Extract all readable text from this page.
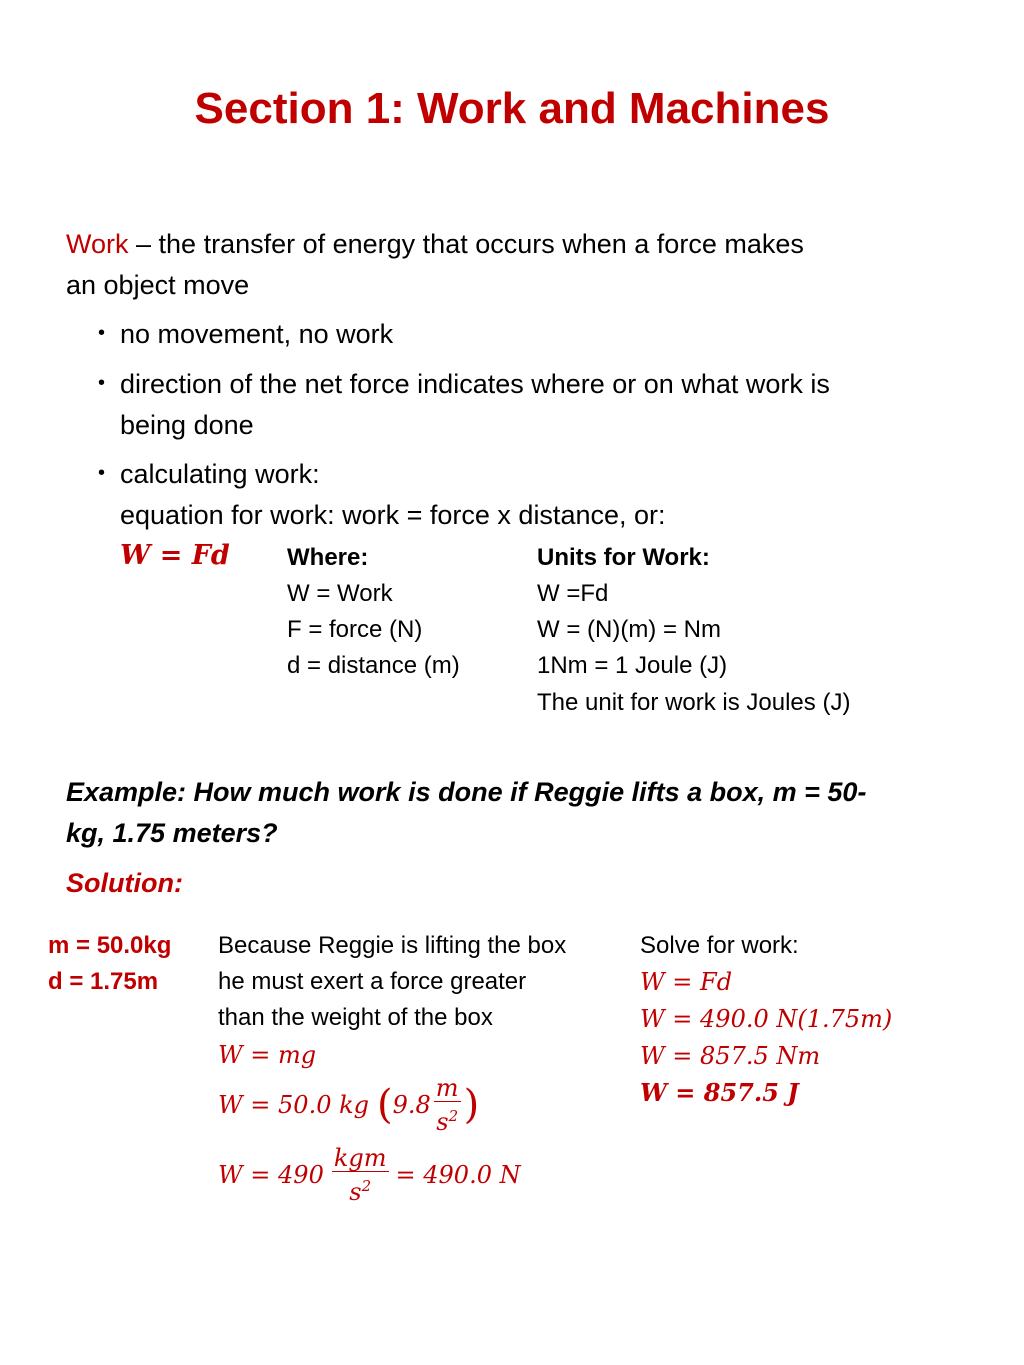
Section 1: Work and Machines
Work – the transfer of energy that occurs when a force makes
an object move
• no movement, no work
• direction of the net force indicates where or on what work is
being done
• calculating work:
equation for work: work = force x distance, or:
W = Fd Where:
W = Work
F = force (N)
d = distance (m)
Units for Work:
W =Fd
W = (N)(m) = Nm
1Nm = 1 Joule (J)
The unit for work is Joules (J)
Example: How much work is done if Reggie lifts a box, m = 50-
kg, 1.75 meters?
Solution:
m = 50.0kg
d = 1.75m
Because Reggie is lifting the box
he must exert a force greater
than the weight of the box
W = mg
W = 50.0 kg ( $9.8 \frac{m}{s^2}$ )
$W = 490 \frac{\text{kgm}}{s^2} = 490.0$ N
Solve for work:
W = Fd
W = 490.0 N(1.75m)
W = 857.5 Nm
W = 857.5 J
